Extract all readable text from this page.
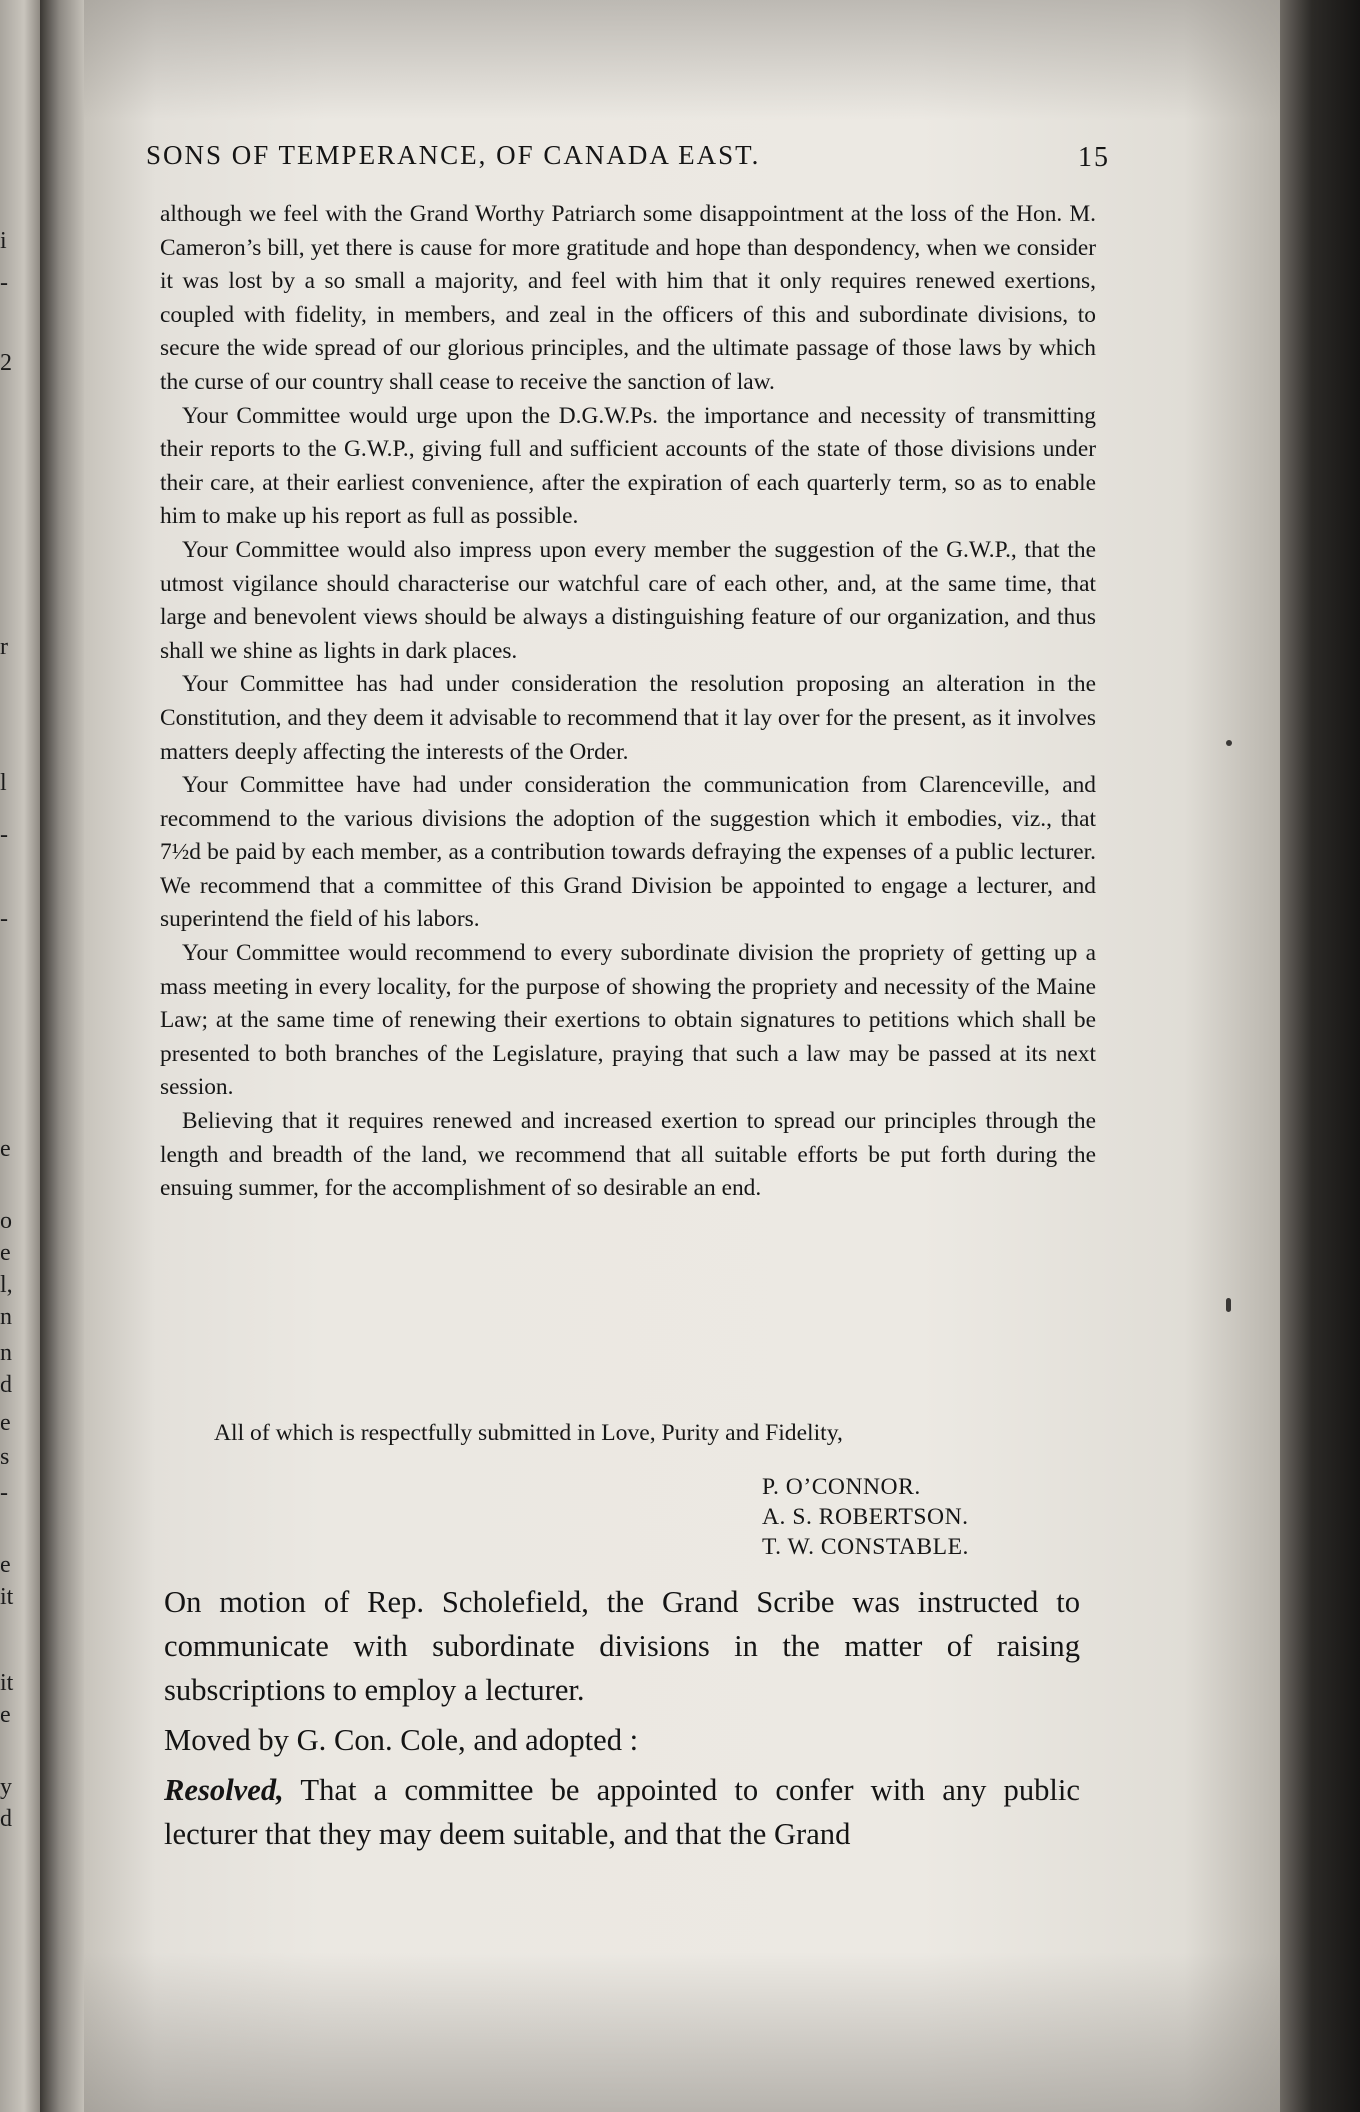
i
-
2
r
l
-
-
e
o
e
l,
n
n
d
e
s
-
e
it
it
e
y
d
SONS OF TEMPERANCE, OF CANADA EAST.	15

although we feel with the Grand Worthy Patriarch some disappointment at the loss of the Hon. M. Cameron’s bill, yet there is cause for more gratitude and hope than despondency, when we consider it was lost by a so small a majority, and feel with him that it only requires renewed exertions, coupled with fidelity, in members, and zeal in the officers of this and subordinate divisions, to secure the wide spread of our glorious principles, and the ultimate passage of those laws by which the curse of our country shall cease to receive the sanction of law.

Your Committee would urge upon the D.G.W.Ps. the importance and necessity of transmitting their reports to the G.W.P., giving full and sufficient accounts of the state of those divisions under their care, at their earliest convenience, after the expiration of each quarterly term, so as to enable him to make up his report as full as possible.

Your Committee would also impress upon every member the suggestion of the G.W.P., that the utmost vigilance should characterise our watchful care of each other, and, at the same time, that large and benevolent views should be always a distinguishing feature of our organization, and thus shall we shine as lights in dark places.

Your Committee has had under consideration the resolution proposing an alteration in the Constitution, and they deem it advisable to recommend that it lay over for the present, as it involves matters deeply affecting the interests of the Order.

Your Committee have had under consideration the communication from Clarenceville, and recommend to the various divisions the adoption of the suggestion which it embodies, viz., that 7½d be paid by each member, as a contribution towards defraying the expenses of a public lecturer. We recommend that a committee of this Grand Division be appointed to engage a lecturer, and superintend the field of his labors.

Your Committee would recommend to every subordinate division the propriety of getting up a mass meeting in every locality, for the purpose of showing the propriety and necessity of the Maine Law; at the same time of renewing their exertions to obtain signatures to petitions which shall be presented to both branches of the Legislature, praying that such a law may be passed at its next session.

Believing that it requires renewed and increased exertion to spread our principles through the length and breadth of the land, we recommend that all suitable efforts be put forth during the ensuing summer, for the accomplishment of so desirable an end.

All of which is respectfully submitted in Love, Purity and Fidelity,
P. O’CONNOR.
A. S. ROBERTSON.
T. W. CONSTABLE.

On motion of Rep. Scholefield, the Grand Scribe was instructed to communicate with subordinate divisions in the matter of raising subscriptions to employ a lecturer.

Moved by G. Con. Cole, and adopted :

Resolved, That a committee be appointed to confer with any public lecturer that they may deem suitable, and that the Grand
